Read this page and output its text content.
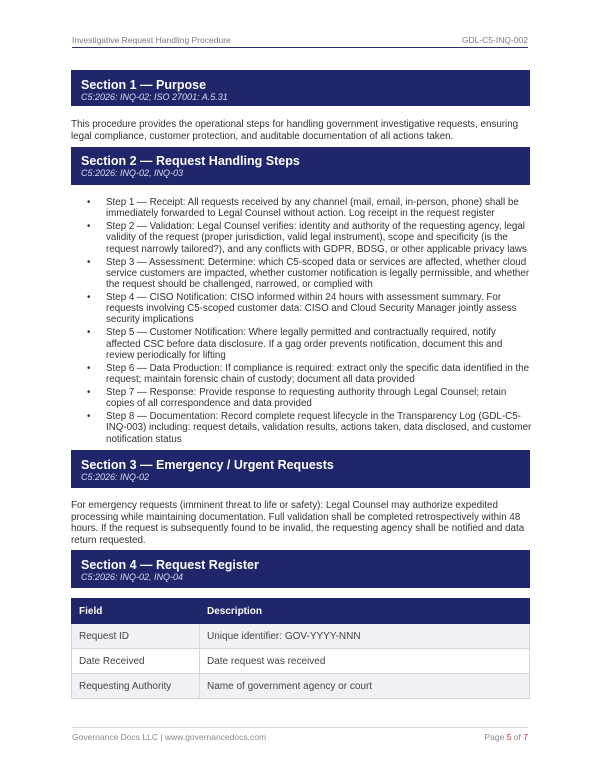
Investigative Request Handling Procedure	GDL-C5-INQ-002
Section 1 — Purpose
C5:2026: INQ-02; ISO 27001: A.5.31
This procedure provides the operational steps for handling government investigative requests, ensuring legal compliance, customer protection, and auditable documentation of all actions taken.
Section 2 — Request Handling Steps
C5:2026: INQ-02, INQ-03
• Step 1 — Receipt: All requests received by any channel (mail, email, in-person, phone) shall be immediately forwarded to Legal Counsel without action. Log receipt in the request register
• Step 2 — Validation: Legal Counsel verifies: identity and authority of the requesting agency, legal validity of the request (proper jurisdiction, valid legal instrument), scope and specificity (is the request narrowly tailored?), and any conflicts with GDPR, BDSG, or other applicable privacy laws
• Step 3 — Assessment: Determine: which C5-scoped data or services are affected, whether cloud service customers are impacted, whether customer notification is legally permissible, and whether the request should be challenged, narrowed, or complied with
• Step 4 — CISO Notification: CISO informed within 24 hours with assessment summary. For requests involving C5-scoped customer data: CISO and Cloud Security Manager jointly assess security implications
• Step 5 — Customer Notification: Where legally permitted and contractually required, notify affected CSC before data disclosure. If a gag order prevents notification, document this and review periodically for lifting
• Step 6 — Data Production: If compliance is required: extract only the specific data identified in the request; maintain forensic chain of custody; document all data provided
• Step 7 — Response: Provide response to requesting authority through Legal Counsel; retain copies of all correspondence and data provided
• Step 8 — Documentation: Record complete request lifecycle in the Transparency Log (GDL-C5-INQ-003) including: request details, validation results, actions taken, data disclosed, and customer notification status
Section 3 — Emergency / Urgent Requests
C5:2026: INQ-02
For emergency requests (imminent threat to life or safety): Legal Counsel may authorize expedited processing while maintaining documentation. Full validation shall be completed retrospectively within 48 hours. If the request is subsequently found to be invalid, the requesting agency shall be notified and data return requested.
Section 4 — Request Register
C5:2026: INQ-02, INQ-04
Field	Description
Request ID	Unique identifier: GOV-YYYY-NNN
Date Received	Date request was received
Requesting Authority	Name of government agency or court
Governance Docs LLC | www.governancedocs.com	Page 5 of 7
